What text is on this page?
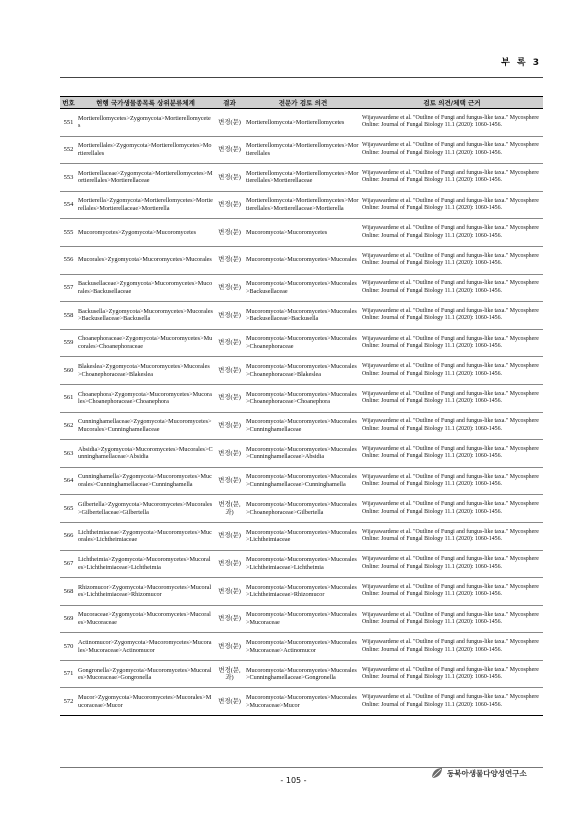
부 록 3
번호	현행 국가생물종목록 상위분류체계	결과	전문가 검토 의견	검토 의견/체택 근거
551	Mortierellomycetes>Zygomycota>Mortierellomycetes	변경(문)	Mortierellomycota>Mortierellomycetes	Wijayawardene et al. "Outline of Fungi and fungus-like taxa." Mycosphere Online: Journal of Fungal Biology 11.1 (2020): 1060-1456.
552	Mortierellales>Zygomycota>Mortierellomycetes>Mortierellales	변경(문)	Mortierellomycota>Mortierellomycetes>Mortierellales	Wijayawardene et al. "Outline of Fungi and fungus-like taxa." Mycosphere Online: Journal of Fungal Biology 11.1 (2020): 1060-1456.
553	Mortierellaceae>Zygomycota>Mortierellomycetes>Mortierellales>Mortierellaceae	변경(문)	Mortierellomycota>Mortierellomycetes>Mortierellales>Mortierellaceae	Wijayawardene et al. "Outline of Fungi and fungus-like taxa." Mycosphere Online: Journal of Fungal Biology 11.1 (2020): 1060-1456.
554	Mortierella>Zygomycota>Mortierellomycetes>Mortierellales>Mortierellaceae>Mortierella	변경(문)	Mortierellomycota>Mortierellomycetes>Mortierellales>Mortierellaceae>Mortierella	Wijayawardene et al. "Outline of Fungi and fungus-like taxa." Mycosphere Online: Journal of Fungal Biology 11.1 (2020): 1060-1456.
555	Mucoromycetes>Zygomycota>Mucoromycetes	변경(문)	Mucoromycota>Mucoromycetes	Wijayawardene et al. "Outline of Fungi and fungus-like taxa." Mycosphere Online: Journal of Fungal Biology 11.1 (2020): 1060-1456.
556	Mucorales>Zygomycota>Mucoromycetes>Mucorales	변경(문)	Mucoromycota>Mucoromycetes>Mucorales	Wijayawardene et al. "Outline of Fungi and fungus-like taxa." Mycosphere Online: Journal of Fungal Biology 11.1 (2020): 1060-1456.
557	Backusellaceae>Zygomycota>Mucoromycetes>Mucorales>Backusellaceae	변경(문)	Mucoromycota>Mucoromycetes>Mucorales>Backusellaceae	Wijayawardene et al. "Outline of Fungi and fungus-like taxa." Mycosphere Online: Journal of Fungal Biology 11.1 (2020): 1060-1456.
558	Backusella>Zygomycota>Mucoromycetes>Mucorales>Backusellaceae>Backusella	변경(문)	Mucoromycota>Mucoromycetes>Mucorales>Backusellaceae>Backusella	Wijayawardene et al. "Outline of Fungi and fungus-like taxa." Mycosphere Online: Journal of Fungal Biology 11.1 (2020): 1060-1456.
559	Choanephoraceae>Zygomycota>Mucoromycetes>Mucorales>Choanephoraceae	변경(문)	Mucoromycota>Mucoromycetes>Mucorales>Choanephoraceae	Wijayawardene et al. "Outline of Fungi and fungus-like taxa." Mycosphere Online: Journal of Fungal Biology 11.1 (2020): 1060-1456.
560	Blakeslea>Zygomycota>Mucoromycetes>Mucorales>Choanephoraceae>Blakeslea	변경(문)	Mucoromycota>Mucoromycetes>Mucorales>Choanephoraceae>Blakeslea	Wijayawardene et al. "Outline of Fungi and fungus-like taxa." Mycosphere Online: Journal of Fungal Biology 11.1 (2020): 1060-1456.
561	Choanephora>Zygomycota>Mucoromycetes>Mucorales>Choanephoraceae>Choanephora	변경(문)	Mucoromycota>Mucoromycetes>Mucorales>Choanephoraceae>Choanephora	Wijayawardene et al. "Outline of Fungi and fungus-like taxa." Mycosphere Online: Journal of Fungal Biology 11.1 (2020): 1060-1456.
562	Cunninghamellaceae>Zygomycota>Mucoromycetes>Mucorales>Cunninghamellaceae	변경(문)	Mucoromycota>Mucoromycetes>Mucorales>Cunninghamellaceae	Wijayawardene et al. "Outline of Fungi and fungus-like taxa." Mycosphere Online: Journal of Fungal Biology 11.1 (2020): 1060-1456.
563	Absidia>Zygomycota>Mucoromycetes>Mucorales>Cunninghamellaceae>Absidia	변경(문)	Mucoromycota>Mucoromycetes>Mucorales>Cunninghamellaceae>Absidia	Wijayawardene et al. "Outline of Fungi and fungus-like taxa." Mycosphere Online: Journal of Fungal Biology 11.1 (2020): 1060-1456.
564	Cunninghamella>Zygomycota>Mucoromycetes>Mucorales>Cunninghamellaceae>Cunninghamella	변경(문)	Mucoromycota>Mucoromycetes>Mucorales>Cunninghamellaceae>Cunninghamella	Wijayawardene et al. "Outline of Fungi and fungus-like taxa." Mycosphere Online: Journal of Fungal Biology 11.1 (2020): 1060-1456.
565	Gilbertella>Zygomycota>Mucoromycetes>Mucorales>Gilbertellaceae>Gilbertella	변경(문, 과)	Mucoromycota>Mucoromycetes>Mucorales>Choanephoraceae>Gilbertella	Wijayawardene et al. "Outline of Fungi and fungus-like taxa." Mycosphere Online: Journal of Fungal Biology 11.1 (2020): 1060-1456.
566	Lichtheimiaceae>Zygomycota>Mucoromycetes>Mucorales>Lichtheimiaceae	변경(문)	Mucoromycota>Mucoromycetes>Mucorales>Lichtheimiaceae	Wijayawardene et al. "Outline of Fungi and fungus-like taxa." Mycosphere Online: Journal of Fungal Biology 11.1 (2020): 1060-1456.
567	Lichtheimia>Zygomycota>Mucoromycetes>Mucorales>Lichtheimiaceae>Lichtheimia	변경(문)	Mucoromycota>Mucoromycetes>Mucorales>Lichtheimiaceae>Lichtheimia	Wijayawardene et al. "Outline of Fungi and fungus-like taxa." Mycosphere Online: Journal of Fungal Biology 11.1 (2020): 1060-1456.
568	Rhizomucor>Zygomycota>Mucoromycetes>Mucorales>Lichtheimiaceae>Rhizomucor	변경(문)	Mucoromycota>Mucoromycetes>Mucorales>Lichtheimiaceae>Rhizomucor	Wijayawardene et al. "Outline of Fungi and fungus-like taxa." Mycosphere Online: Journal of Fungal Biology 11.1 (2020): 1060-1456.
569	Mucoraceae>Zygomycota>Mucoromycetes>Mucorales>Mucoraceae	변경(문)	Mucoromycota>Mucoromycetes>Mucorales>Mucoraceae	Wijayawardene et al. "Outline of Fungi and fungus-like taxa." Mycosphere Online: Journal of Fungal Biology 11.1 (2020): 1060-1456.
570	Actinomucor>Zygomycota>Mucoromycetes>Mucorales>Mucoraceae>Actinomucor	변경(문)	Mucoromycota>Mucoromycetes>Mucorales>Mucoraceae>Actinomucor	Wijayawardene et al. "Outline of Fungi and fungus-like taxa." Mycosphere Online: Journal of Fungal Biology 11.1 (2020): 1060-1456.
571	Gongronella>Zygomycota>Mucoromycetes>Mucorales>Mucoraceae>Gongronella	변경(문, 과)	Mucoromycota>Mucoromycetes>Mucorales>Cunninghamellaceae>Gongronella	Wijayawardene et al. "Outline of Fungi and fungus-like taxa." Mycosphere Online: Journal of Fungal Biology 11.1 (2020): 1060-1456.
572	Mucor>Zygomycota>Mucoromycetes>Mucorales>Mucoraceae>Mucor	변경(문)	Mucoromycota>Mucoromycetes>Mucorales>Mucoraceae>Mucor	Wijayawardene et al. "Outline of Fungi and fungus-like taxa." Mycosphere Online: Journal of Fungal Biology 11.1 (2020): 1060-1456.
- 105 -
동북아생물다양성연구소
